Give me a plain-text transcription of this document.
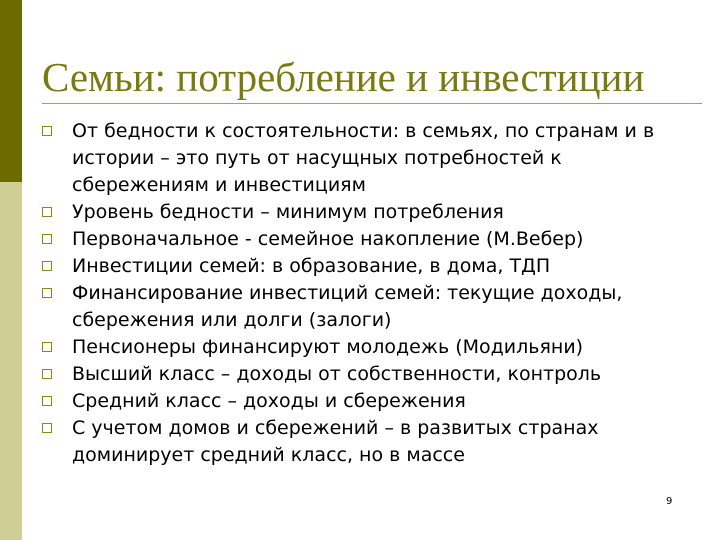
Семьи: потребление и инвестиции
От бедности к состоятельности: в семьях, по странам и в истории – это путь от насущных потребностей к сбережениям и инвестициям
Уровень бедности – минимум потребления
Первоначальное - семейное накопление (М.Вебер)
Инвестиции семей: в образование, в дома, ТДП
Финансирование инвестиций семей: текущие доходы, сбережения или долги (залоги)
Пенсионеры финансируют молодежь (Модильяни)
Высший класс – доходы от собственности, контроль
Средний класс – доходы и сбережения
С учетом домов и сбережений – в развитых странах доминирует средний класс, но в массе
9
